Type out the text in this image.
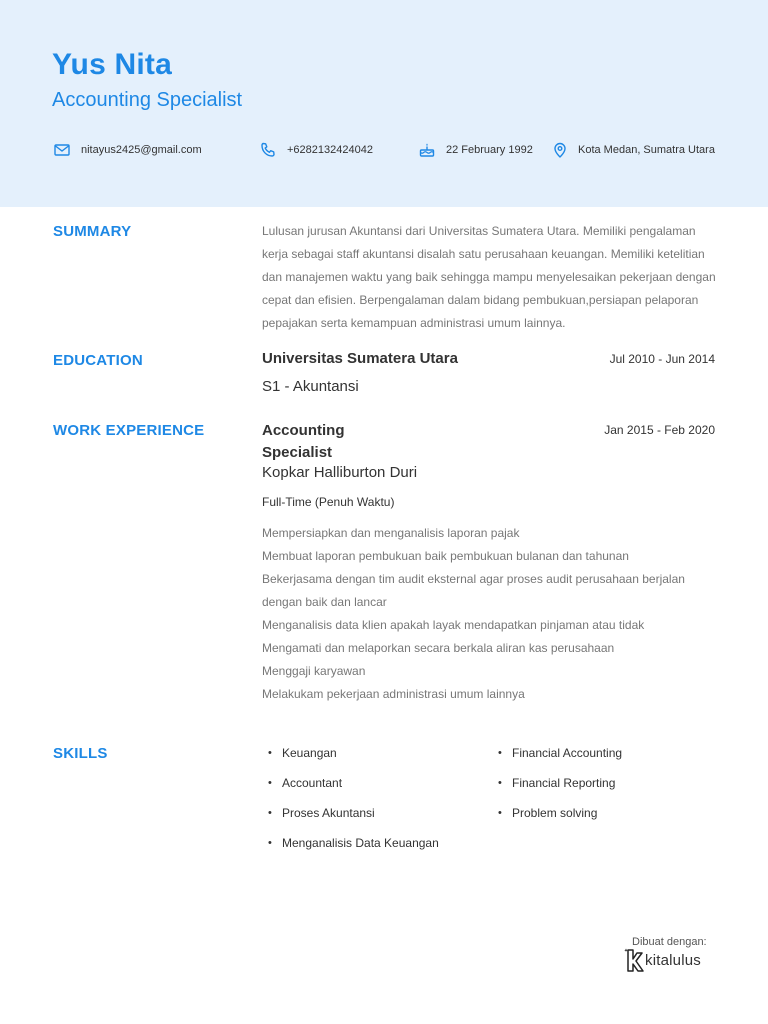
Yus Nita
Accounting Specialist
nitayus2425@gmail.com	+6282132424042	22 February 1992	Kota Medan, Sumatra Utara
SUMMARY	Lulusan jurusan Akuntansi dari Universitas Sumatera Utara. Memiliki pengalaman kerja sebagai staff akuntansi disalah satu perusahaan keuangan. Memiliki ketelitian dan manajemen waktu yang baik sehingga mampu menyelesaikan pekerjaan dengan cepat dan efisien. Berpengalaman dalam bidang pembukuan,persiapan pelaporan pepajakan serta kemampuan administrasi umum lainnya.
EDUCATION	Universitas Sumatera Utara	Jul 2010 - Jun 2014
S1 - Akuntansi
WORK EXPERIENCE	Accounting Specialist
Jan 2015 - Feb 2020
Kopkar Halliburton Duri
Full-Time (Penuh Waktu)
Mempersiapkan dan menganalisis laporan pajak
Membuat laporan pembukuan baik pembukuan bulanan dan tahunan
Bekerjasama dengan tim audit eksternal agar proses audit perusahaan berjalan dengan baik dan lancar
Menganalisis data klien apakah layak mendapatkan pinjaman atau tidak
Mengamati dan melaporkan secara berkala aliran kas perusahaan
Menggaji karyawan
Melakukam pekerjaan administrasi umum lainnya
SKILLS
•	Keuangan
• Accountant
• Proses Akuntansi
• Menganalisis Data Keuangan
• Financial Accounting
• Financial Reporting
• Problem solving
Dibuat dengan:
kitalulus
